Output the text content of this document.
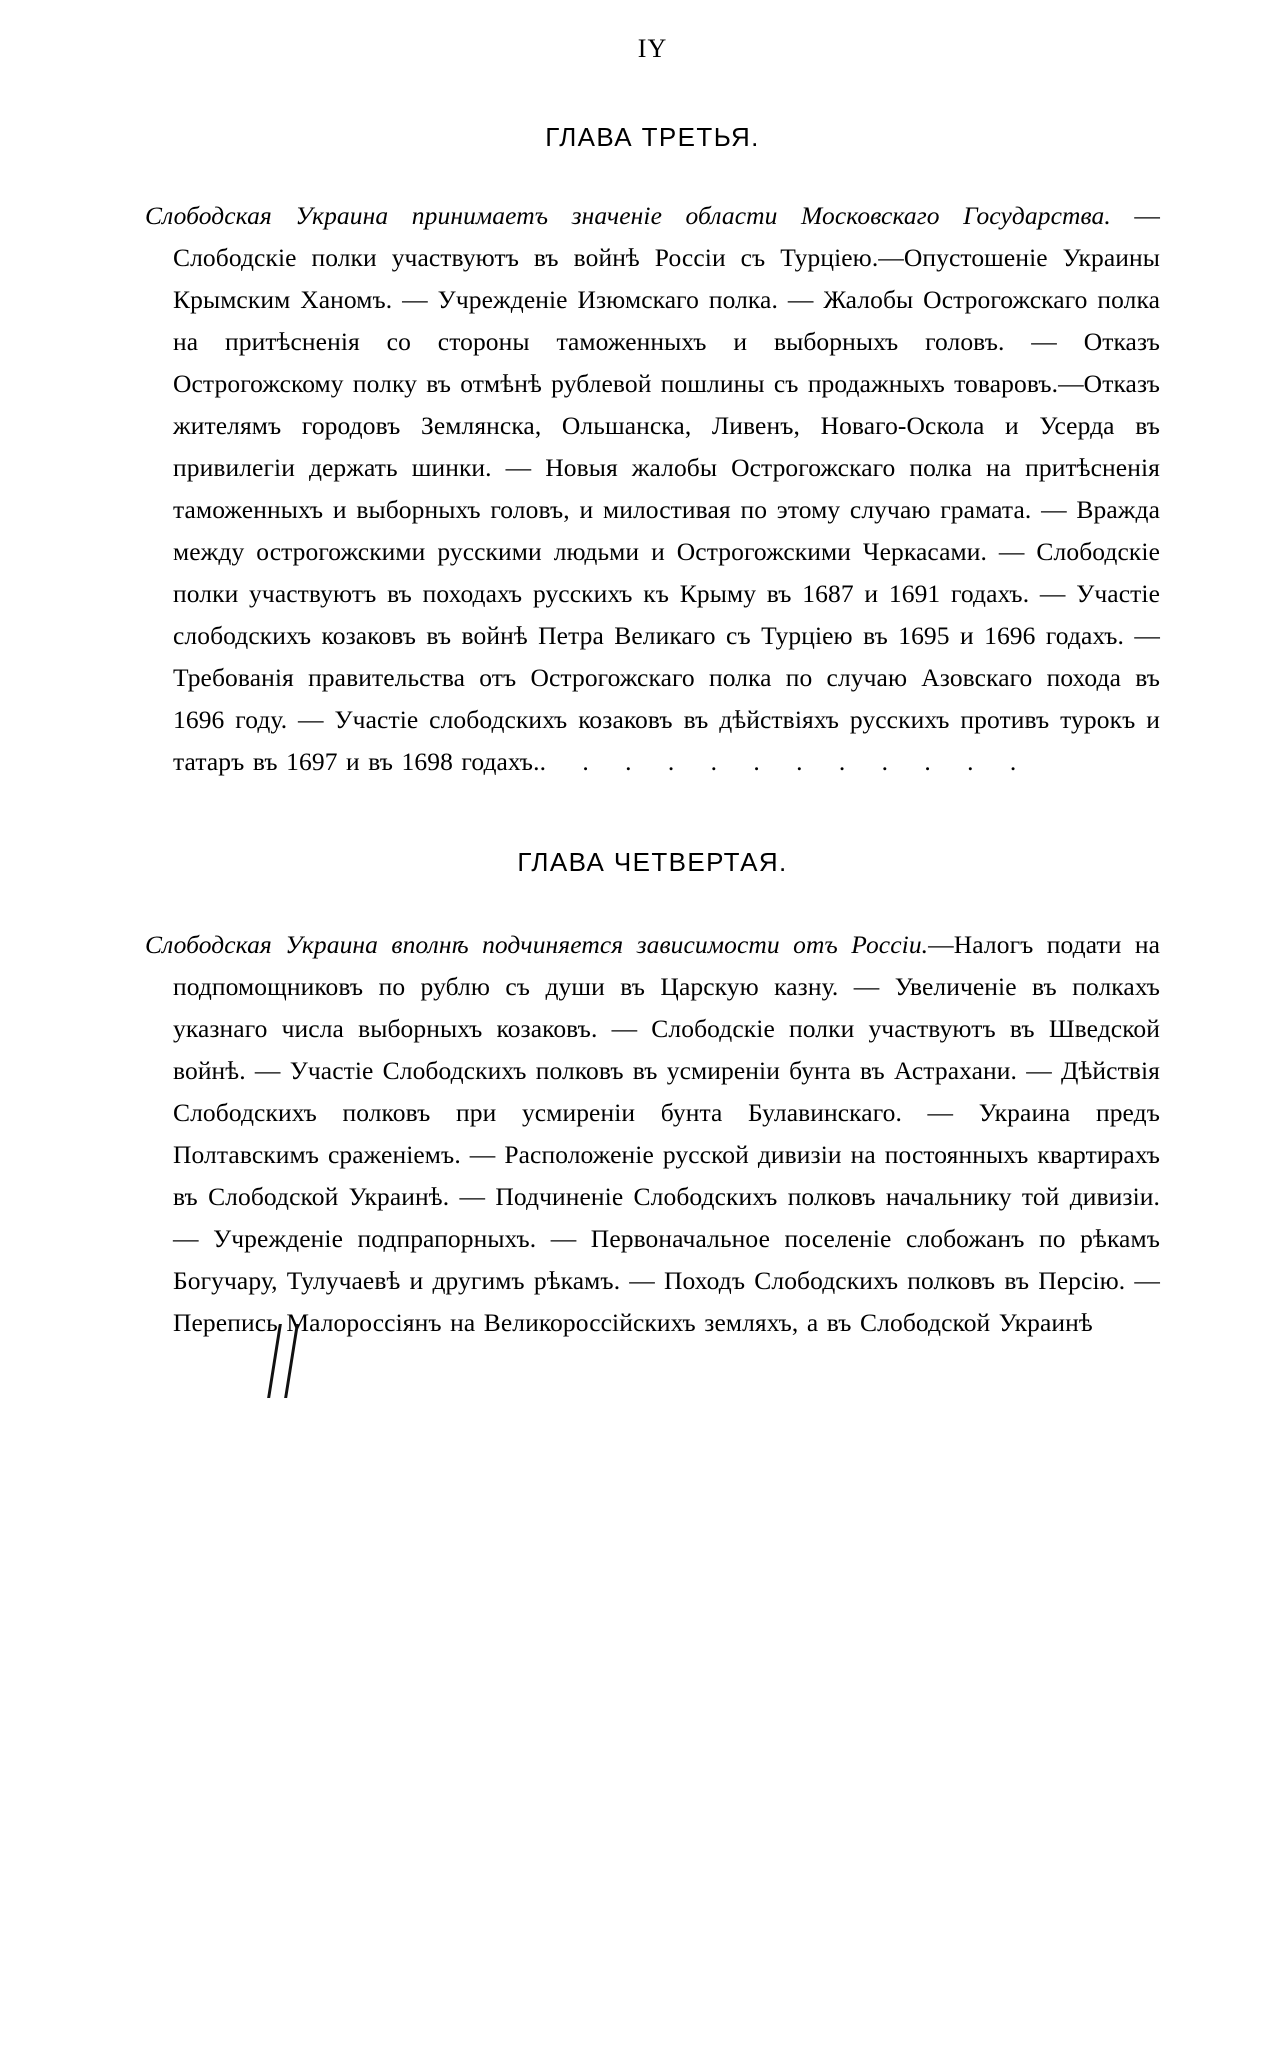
IY
ГЛАВА ТРЕТЬЯ.

Слободская Украина принимаетъ значеніе области Московскаго Государства. — Слободскіе полки участвуютъ въ войнѣ Россіи съ Турціею.—Опустошеніе Украины Крымским Ханомъ. — Учрежденіе Изюмскаго полка. — Жалобы Острогожскаго полка на притѣсненія со стороны таможенныхъ и выборныхъ головъ. — Отказъ Острогожскому полку въ отмѣнѣ рублевой пошлины съ продажныхъ товаровъ.—Отказъ жителямъ городовъ Землянска, Ольшанска, Ливенъ, Новаго-Оскола и Усерда въ привилегіи держать шинки. — Новыя жалобы Острогожскаго полка на притѣсненія таможенныхъ и выборныхъ головъ, и милостивая по этому случаю грамата. — Вражда между острогожскими русскими людьми и Острогожскими Черкасами. — Слободскіе полки участвуютъ въ походахъ русскихъ къ Крыму въ 1687 и 1691 годахъ. — Участіе слободскихъ козаковъ въ войнѣ Петра Великаго съ Турціею въ 1695 и 1696 годахъ. — Требованія правительства отъ Острогожскаго полка по случаю Азовскаго похода въ 1696 году. — Участіе слободскихъ козаковъ въ дѣйствіяхъ русскихъ противъ турокъ и татаръ въ 1697 и въ 1698 годахъ.. . . . . . . . . . . .

ГЛАВА ЧЕТВЕРТАЯ.

Слободская Украина вполнѣ подчиняется зависимости отъ Россіи.—Налогъ подати на подпомощниковъ по рублю съ души въ Царскую казну. — Увеличеніе въ полкахъ указнаго числа выборныхъ козаковъ. — Слободскіе полки участвуютъ въ Шведской войнѣ. — Участіе Слободскихъ полковъ въ усмиреніи бунта въ Астрахани. — Дѣйствія Слободскихъ полковъ при усмиреніи бунта Булавинскаго. — Украина предъ Полтавскимъ сраженіемъ. — Расположеніе русской дивизіи на постоянныхъ квартирахъ въ Слободской Украинѣ. — Подчиненіе Слободскихъ полковъ начальнику той дивизіи. — Учрежденіе подпрапорныхъ. — Первоначальное поселеніе слобожанъ по рѣкамъ Богучару, Тулучаевѣ и другимъ рѣкамъ. — Походъ Слободскихъ полковъ въ Персію. — Перепись Малороссіянъ на Великороссійскихъ земляхъ, а въ Слободской Украинѣ
